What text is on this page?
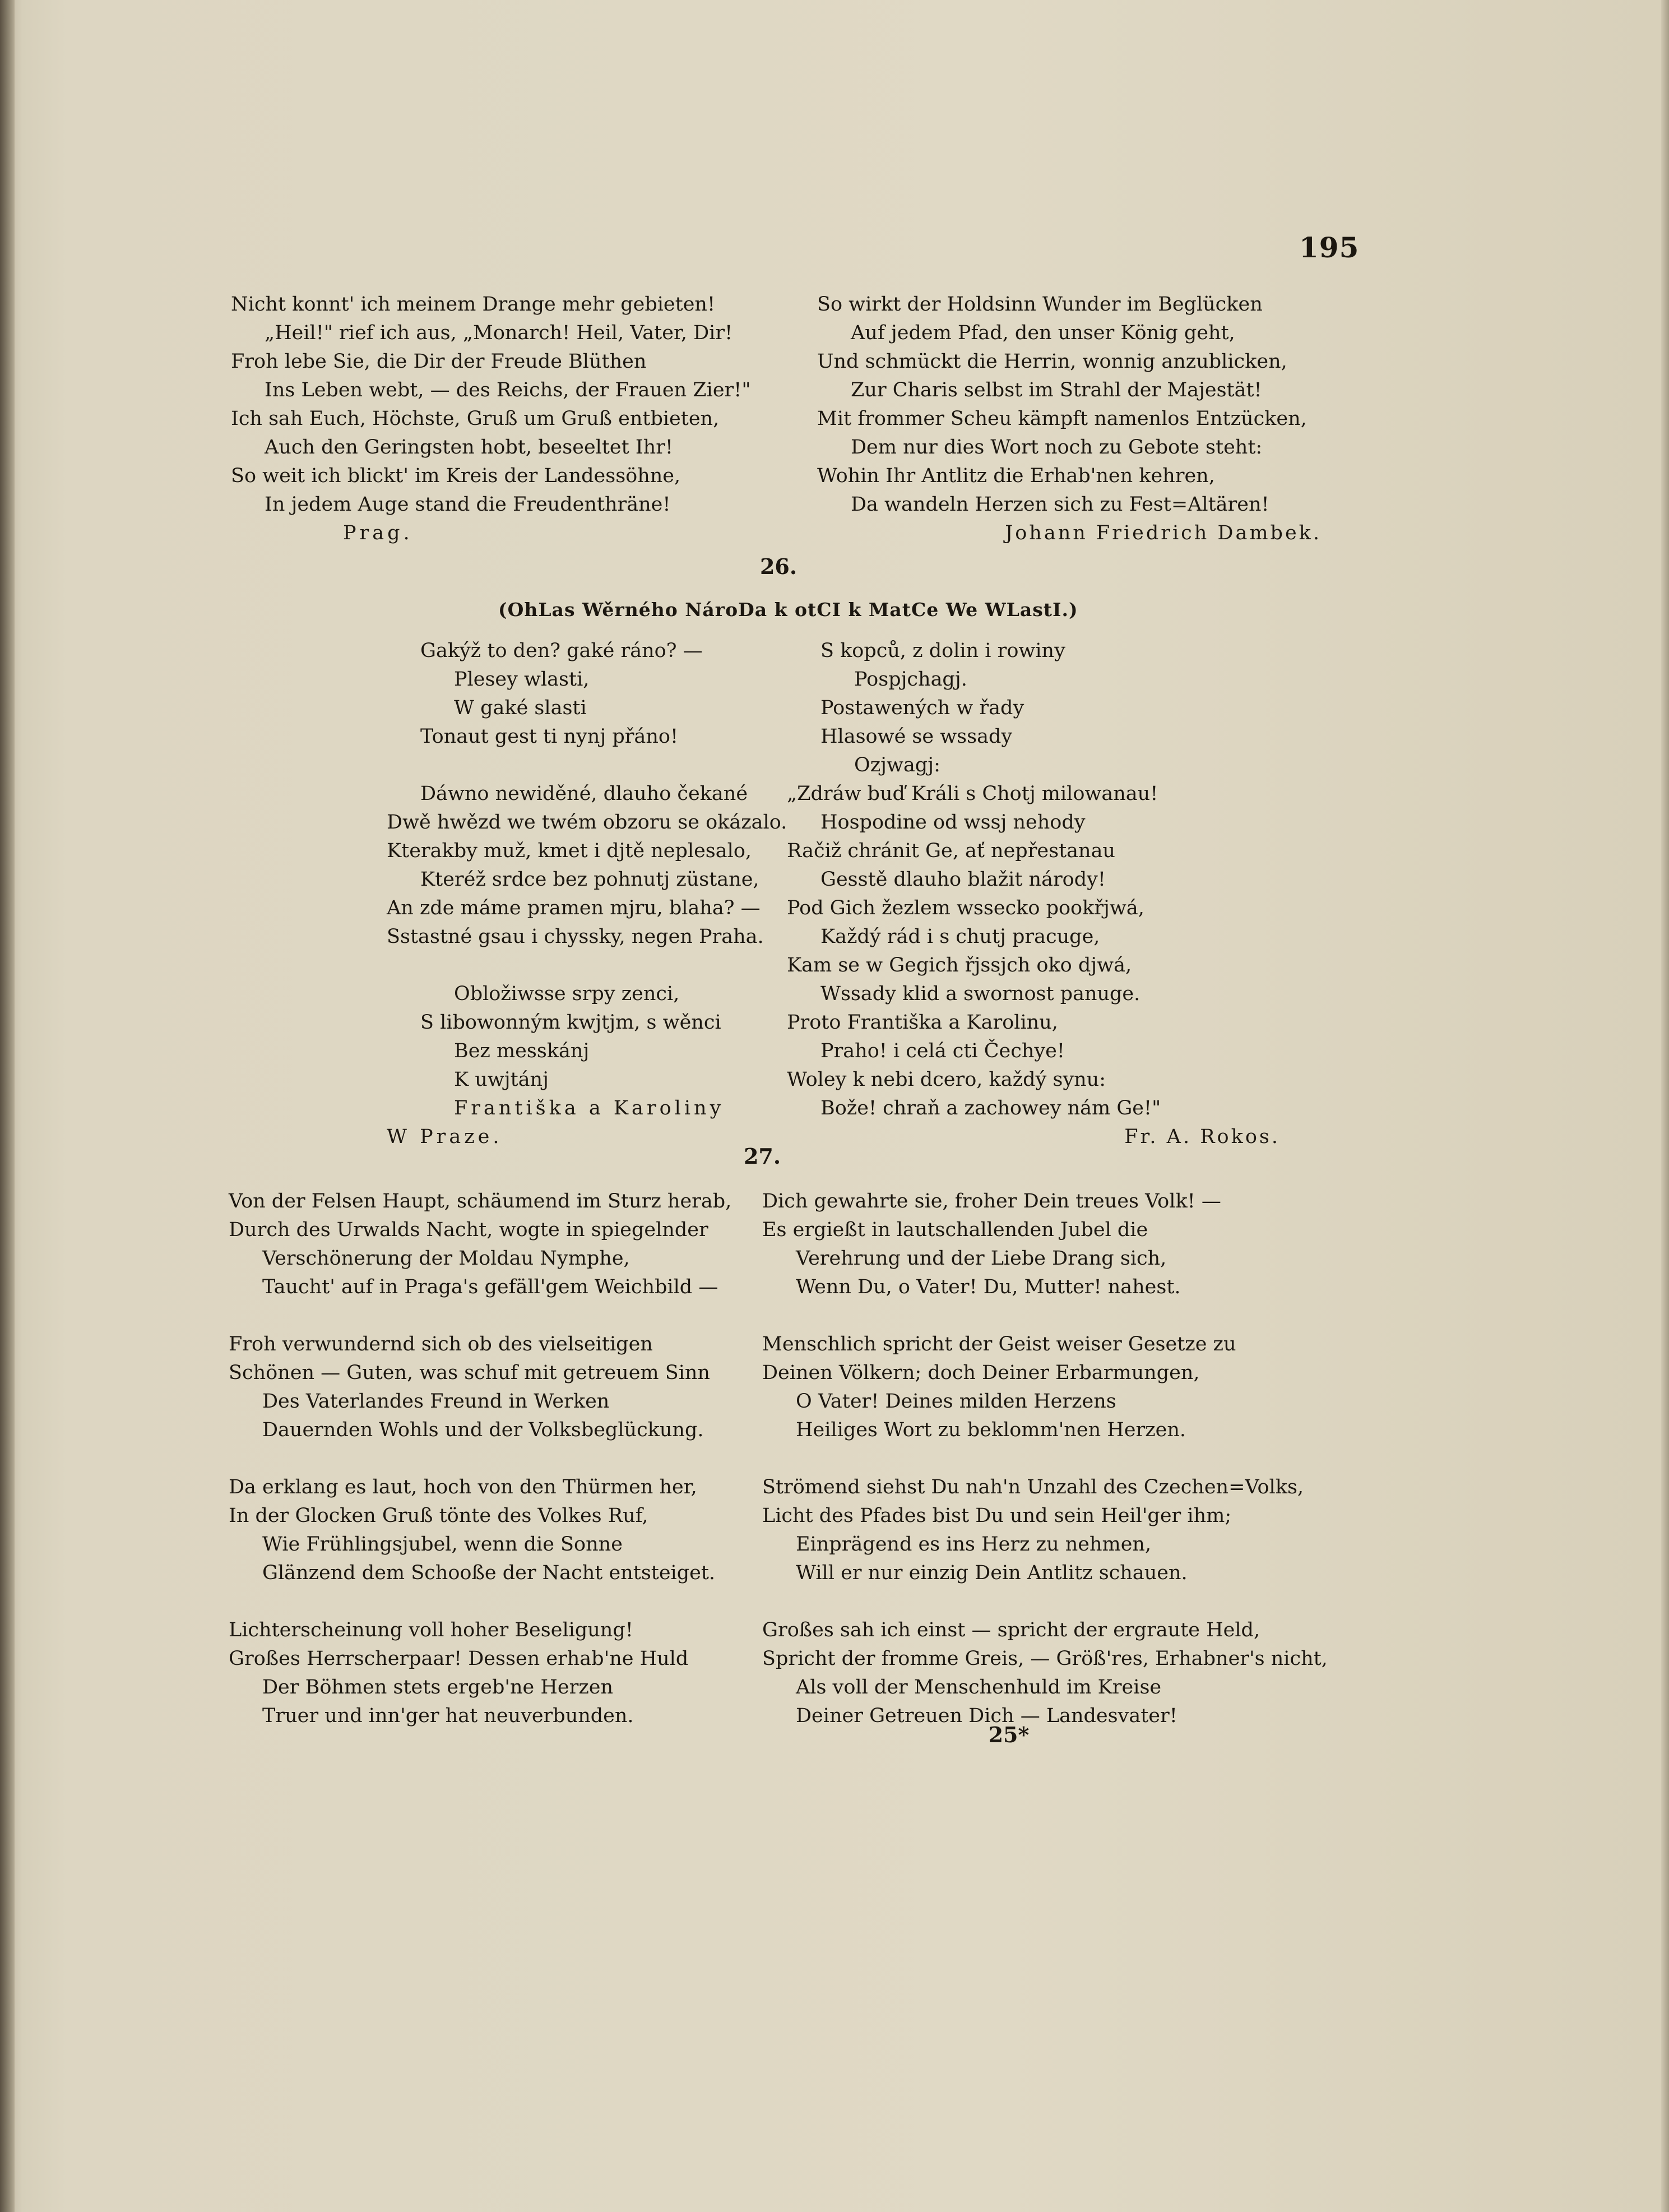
195
Nicht konnt' ich meinem Drange mehr gebieten!
„Heil!" rief ich aus, „Monarch! Heil, Vater, Dir!
Froh lebe Sie, die Dir der Freude Blüthen
Ins Leben webt, — des Reichs, der Frauen Zier!"
Ich sah Euch, Höchste, Gruß um Gruß entbieten,
Auch den Geringsten hobt, beseeltet Ihr!
So weit ich blickt' im Kreis der Landessöhne,
In jedem Auge stand die Freudenthräne!
Prag.
So wirkt der Holdsinn Wunder im Beglücken
Auf jedem Pfad, den unser König geht,
Und schmückt die Herrin, wonnig anzublicken,
Zur Charis selbst im Strahl der Majestät!
Mit frommer Scheu kämpft namenlos Entzücken,
Dem nur dies Wort noch zu Gebote steht:
Wohin Ihr Antlitz die Erhab'nen kehren,
Da wandeln Herzen sich zu Fest=Altären!
Johann Friedrich Dambek.
26.
(OhLas Wěrného NároDa k otCI k MatCe We WLastI.)
Gakýž to den? gaké ráno? —
Plesey wlasti,
W gaké slasti
Tonaut gest ti nynj přáno!
Dáwno newiděné, dlauho čekané
Dwě hwězd we twém obzoru se okázalo.
Kterakby muž, kmet i djtě neplesalo,
Kteréž srdce bez pohnutj züstane,
An zde máme pramen mjru, blaha? —
Sstastné gsau i chyssky, negen Praha.
Obložiwsse srpy zenci,
S libowonným kwjtjm, s wěnci
Bez messkánj
K uwjtánj
Františka a Karoliny
W Praze.
S kopců, z dolin i rowiny
Pospjchagj.
Postawených w řady
Hlasowé se wssady
Ozjwagj:
„Zdráw buď Králi s Chotj milowanau!
Hospodine od wssj nehody
Račiž chránit Ge, ať nepřestanau
Gesstě dlauho blažit národy!
Pod Gich žezlem wssecko pookřjwá,
Každý rád i s chutj pracuge,
Kam se w Gegich řjssjch oko djwá,
Wssady klid a swornost panuge.
Proto Františka a Karolinu,
Praho! i celá cti Čechye!
Woley k nebi dcero, každý synu:
Bože! chraň a zachowey nám Ge!"
Fr. A. Rokos.
27.
Von der Felsen Haupt, schäumend im Sturz herab,
Durch des Urwalds Nacht, wogte in spiegelnder
Verschönerung der Moldau Nymphe,
Taucht' auf in Praga's gefäll'gem Weichbild —
Froh verwundernd sich ob des vielseitigen
Schönen — Guten, was schuf mit getreuem Sinn
Des Vaterlandes Freund in Werken
Dauernden Wohls und der Volksbeglückung.
Da erklang es laut, hoch von den Thürmen her,
In der Glocken Gruß tönte des Volkes Ruf,
Wie Frühlingsjubel, wenn die Sonne
Glänzend dem Schooße der Nacht entsteiget.
Lichterscheinung voll hoher Beseligung!
Großes Herrscherpaar! Dessen erhab'ne Huld
Der Böhmen stets ergeb'ne Herzen
Truer und inn'ger hat neuverbunden.
Dich gewahrte sie, froher Dein treues Volk! —
Es ergießt in lautschallenden Jubel die
Verehrung und der Liebe Drang sich,
Wenn Du, o Vater! Du, Mutter! nahest.
Menschlich spricht der Geist weiser Gesetze zu
Deinen Völkern; doch Deiner Erbarmungen,
O Vater! Deines milden Herzens
Heiliges Wort zu beklomm'nen Herzen.
Strömend siehst Du nah'n Unzahl des Czechen=Volks,
Licht des Pfades bist Du und sein Heil'ger ihm;
Einprägend es ins Herz zu nehmen,
Will er nur einzig Dein Antlitz schauen.
Großes sah ich einst — spricht der ergraute Held,
Spricht der fromme Greis, — Größ'res, Erhabner's nicht,
Als voll der Menschenhuld im Kreise
Deiner Getreuen Dich — Landesvater!
25*
